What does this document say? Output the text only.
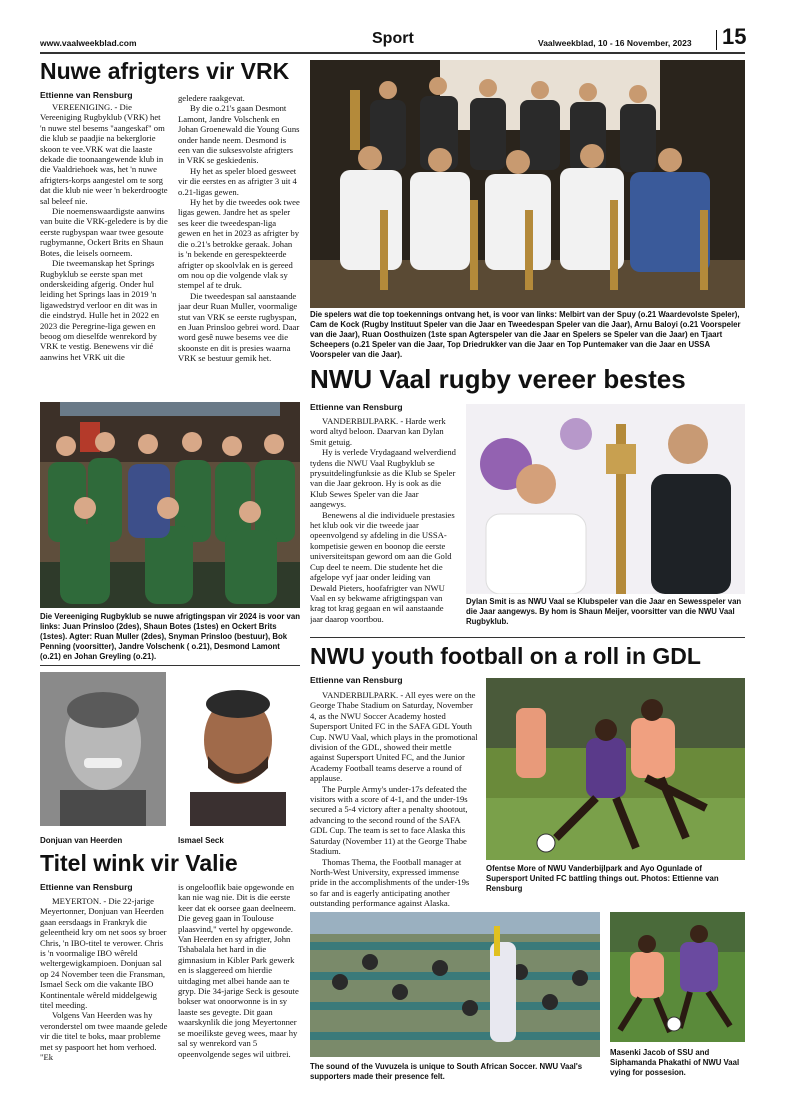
www.vaalweekblad.com	Sport	Vaalweekblad, 10 - 16 November, 2023 15
Nuwe afrigters vir VRK
Ettienne van Rensburg

VEREENIGING. - Die Vereeniging Rugbyklub (VRK) het 'n nuwe stel besems "aangeskaf" om die klub se paadjie na bekerglorie skoon te vee.VRK wat die laaste dekade die toonaangewende klub in die Vaaldriehoek was, het 'n nuwe afrigters-korps aangestel om te sorg dat die klub nie weer 'n bekerdroogte sal beleef nie.

Die noemenswaardigste aanwins van buite die VRK-geledere is by die eerste rugbyspan waar twee gesoute rugbymanne, Ockert Brits en Shaun Botes, die leisels oorneem.

Die tweemanskap het Springs Rugbyklub se eerste span met onderskeiding afgerig. Onder hul leiding het Springs laas in 2019 'n ligawedstryd verloor en dit was in die eindstryd. Hulle het in 2022 en 2023 die Peregrine-liga gewen en beoog om dieselfde wenrekord by VRK te vestig. Benewens vir dié aanwins het VRK uit die

geledere raakgevat.

By die o.21's gaan Desmont Lamont, Jandre Volschenk en Johan Groenewald die Young Guns onder hande neem. Desmond is een van die suksesvolste afrigters in VRK se geskiedenis.

Hy het as speler bloed gesweet vir die eerstes en as afrigter 3 uit 4 o.21-ligas gewen.

Hy het by die tweedes ook twee ligas gewen. Jandre het as speler ses keer die tweedespan-liga gewen en het in 2023 as afrigter by die o.21's betrokke geraak. Johan is 'n bekende en gerespekteerde afrigter op skoolvlak en is gereed om nou op die volgende vlak sy stempel af te druk.

Die tweedespan sal aanstaande jaar deur Ruan Muller, voormalige stut van VRK se eerste rugbyspan, en Juan Prinsloo gebrei word. Daar word gesê nuwe besems vee die skoonste en dit is presies waarna VRK se bestuur gemik het.

Die Vereeniging Rugbyklub se nuwe afrigtingspan vir 2024 is voor van links: Juan Prinsloo (2des), Shaun Botes (1stes) en Ockert Brits (1stes). Agter: Ruan Muller (2des), Snyman Prinsloo (bestuur), Bok Penning (voorsitter), Jandre Volschenk ( o.21), Desmond Lamont (o.21) en Johan Greyling (o.21).
Donjuan van Heerden	Ismael Seck
Titel wink vir Valie
Ettienne van Rensburg

MEYERTON. - Die 22-jarige Meyertonner, Donjuan van Heerden gaan eersdaags in Frankryk die geleentheid kry om net soos sy broer Chris, 'n IBO-titel te verower. Chris is 'n voormalige IBO wêreld weltergewigkampioen. Donjuan sal op 24 November teen die Fransman, Ismael Seck om die vakante IBO Kontinentale wêreld middelgewig titel meeding.

Volgens Van Heerden was hy veronderstel om twee maande gelede vir die titel te boks, maar probleme met sy paspoort het hom verhoed. "Ek

is ongelooflik baie opgewonde en kan nie wag nie. Dit is die eerste keer dat ek oorsee gaan deelneem. Die geveg gaan in Toulouse plaasvind," vertel hy opgewonde. Van Heerden en sy afrigter, John Tshabalala het hard in die gimnasium in Kibler Park gewerk en is slaggereed om hierdie uitdaging met albei hande aan te gryp. Die 34-jarige Seck is gesoute bokser wat onoorwonne is in sy laaste ses gevegte. Dit gaan waarskynlik die jong Meyertonner se moeilikste geveg wees, maar hy sal sy wenrekord van 5 opeenvolgende seges wil uitbrei.

Die spelers wat die top toekennings ontvang het, is voor van links: Melbirt van der Spuy (o.21 Waardevolste Speler), Cam de Kock (Rugby Instituut Speler van die Jaar en Tweedespan Speler van die Jaar), Arnu Baloyi (o.21 Voorspeler van die Jaar), Ruan Oosthuizen (1ste span Agterspeler van die Jaar en Spelers se Speler van die Jaar) en Tjaart Scheepers (o.21 Speler van die Jaar, Top Driedrukker van die Jaar en Top Puntemaker van die Jaar en USSA Voorspeler van die Jaar).
NWU Vaal rugby vereer bestes
Ettienne van Rensburg

VANDERBIJLPARK. - Harde werk word altyd beloon. Daarvan kan Dylan Smit getuig.

Hy is verlede Vrydagaand welverdiend tydens die NWU Vaal Rugbyklub se prysuitdelingfunksie as die Klub se Speler van die Jaar gekroon. Hy is ook as die Klub Sewes Speler van die Jaar aangewys.

Benewens al die individuele prestasies het klub ook vir die tweede jaar opeenvolgend sy afdeling in die USSA-kompetisie gewen en boonop die eerste universiteitspan geword om aan die Gold Cup deel te neem. Die studente het die afgelope vyf jaar onder leiding van Dewald Pieters, hoofafrigter van NWU Vaal en sy bekwame afrigtingspan van krag tot krag gegaan en wil aanstaande jaar daarop voortbou.

Dylan Smit is as NWU Vaal se Klubspeler van die Jaar en Sewesspeler van die Jaar aangewys. By hom is Shaun Meijer, voorsitter van die NWU Vaal Rugbyklub.
NWU youth football on a roll in GDL
Ettienne van Rensburg

VANDERBIJLPARK. - All eyes were on the George Thabe Stadium on Saturday, November 4, as the NWU Soccer Academy hosted Supersport United FC in the SAFA GDL Youth Cup. NWU Vaal, which plays in the promotional division of the GDL, showed their mettle against Supersport United FC, and the Junior Academy Football teams deserve a round of applause.

The Purple Army's under-17s defeated the visitors with a score of 4-1, and the under-19s secured a 5-4 victory after a penalty shootout, advancing to the second round of the SAFA GDL Cup. The team is set to face Alaska this Saturday (November 11) at the George Thabe Stadium.

Thomas Thema, the Football manager at North-West University, expressed immense pride in the accomplishments of the under-19s so far and is eagerly anticipating another outstanding performance against Alaska.

Ofentse More of NWU Vanderbijlpark and Ayo Ogunlade of Supersport United FC battling things out. Photos: Ettienne van Rensburg
The sound of the Vuvuzela is unique to South African Soccer. NWU Vaal's supporters made their presence felt.
Masenki Jacob of SSU and Siphamanda Phakathi of NWU Vaal vying for possesion.
